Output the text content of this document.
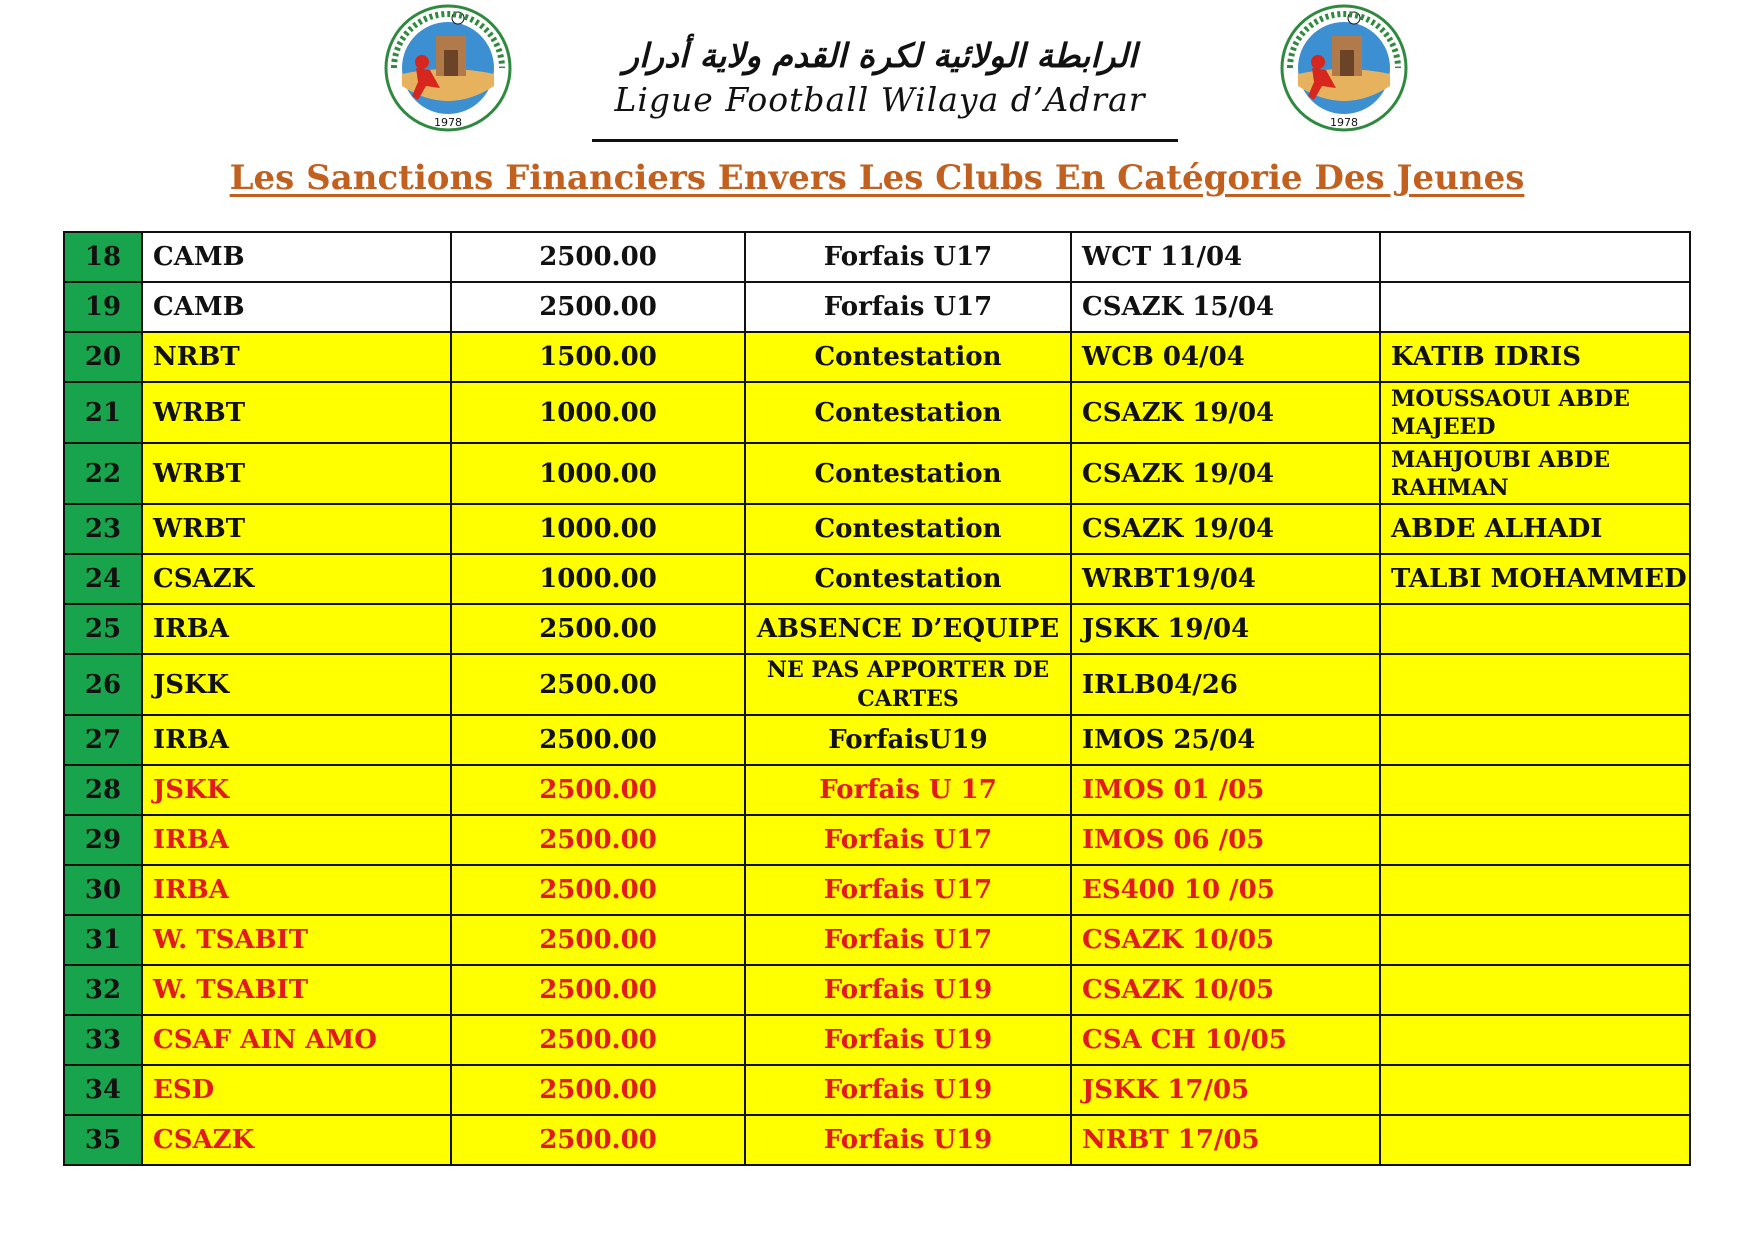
1978	1978
الرابطة الولائية لكرة القدم ولاية أدرار
Ligue Football Wilaya d’Adrar
Les Sanctions Financiers Envers Les Clubs En Catégorie Des Jeunes
18	CAMB	2500.00	Forfais U17	WCT 11/04	
19	CAMB	2500.00	Forfais U17	CSAZK 15/04	
20	NRBT	1500.00	Contestation	WCB 04/04	KATIB IDRIS
21	WRBT	1000.00	Contestation	CSAZK 19/04	MOUSSAOUI ABDE MAJEED
22	WRBT	1000.00	Contestation	CSAZK 19/04	MAHJOUBI ABDE RAHMAN
23	WRBT	1000.00	Contestation	CSAZK 19/04	ABDE ALHADI
24	CSAZK	1000.00	Contestation	WRBT19/04	TALBI MOHAMMED
25	IRBA	2500.00	ABSENCE D’EQUIPE	JSKK 19/04	
26	JSKK	2500.00	NE PAS APPORTER DE CARTES	IRLB04/26	
27	IRBA	2500.00	ForfaisU19	IMOS 25/04	
28	JSKK	2500.00	Forfais U 17	IMOS 01 /05	
29	IRBA	2500.00	Forfais U17	IMOS 06 /05	
30	IRBA	2500.00	Forfais U17	ES400 10 /05	
31	W. TSABIT	2500.00	Forfais U17	CSAZK 10/05	
32	W. TSABIT	2500.00	Forfais U19	CSAZK 10/05	
33	CSAF AIN AMO	2500.00	Forfais U19	CSA CH 10/05	
34	ESD	2500.00	Forfais U19	JSKK 17/05	
35	CSAZK	2500.00	Forfais U19	NRBT 17/05	
